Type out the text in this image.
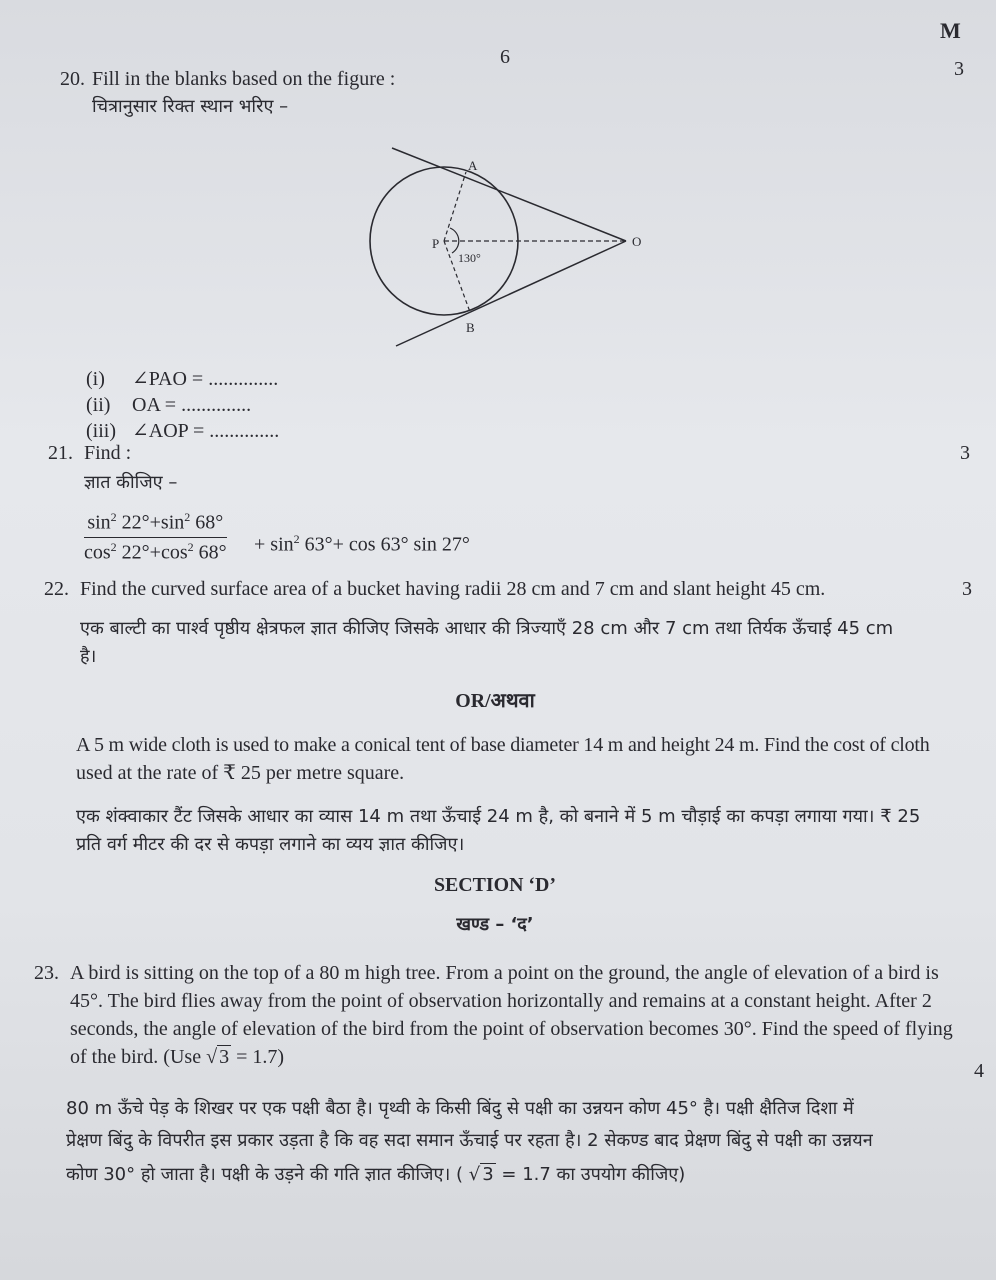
6
M
3
20. Fill in the blanks based on the figure :
चित्रानुसार रिक्त स्थान भरिए –
A
B
P	O
130°
(i) ∠PAO = ..............
(ii) OA = ..............
(iii) ∠AOP = ..............
21. Find :	3
ज्ञात कीजिए –
$\sin^2 22^\circ+\sin^2$ 68°
$\cos^2 22^\circ+\cos^2$ $68^\circ + \sin^2 63^\circ+ \cos 63^\circ$ sin 27°
22. Find the curved surface area of a bucket having radii 28 cm and 7 cm and slant height 45 cm.	3
एक बाल्टी का पार्श्व पृष्ठीय क्षेत्रफल ज्ञात कीजिए जिसके आधार की त्रिज्याएँ 28 cm और 7 cm तथा तिर्यक ऊँचाई 45 cm
है।
OR/अथवा
A 5 m wide cloth is used to make a conical tent of base diameter 14 m and height 24 m. Find the cost of cloth
used at the rate of ₹ 25 per metre square.
एक शंक्वाकार टैंट जिसके आधार का व्यास 14 m तथा ऊँचाई 24 m है, को बनाने में 5 m चौड़ाई का कपड़ा लगाया गया। ₹ 25
प्रति वर्ग मीटर की दर से कपड़ा लगाने का व्यय ज्ञात कीजिए।
SECTION ‘D’
खण्ड – ‘द’
23. A bird is sitting on the top of a 80 m high tree. From a point on the ground, the angle of elevation of a bird is
45°. The bird flies away from the point of observation horizontally and remains at a constant height. After 2
seconds, the angle of elevation of the bird from the point of observation becomes 30°. Find the speed of flying
of the bird. (Use √ 3 = 1.7)
4
80 m ऊँचे पेड़ के शिखर पर एक पक्षी बैठा है। पृथ्वी के किसी बिंदु से पक्षी का उन्नयन कोण 45° है। पक्षी क्षैतिज दिशा में
प्रेक्षण बिंदु के विपरीत इस प्रकार उड़ता है कि वह सदा समान ऊँचाई पर रहता है। 2 सेकण्ड बाद प्रेक्षण बिंदु से पक्षी का उन्नयन
कोण 30° हो जाता है। पक्षी के उड़ने की गति ज्ञात कीजिए। ( √ 3 = 1.7 का उपयोग कीजिए)
